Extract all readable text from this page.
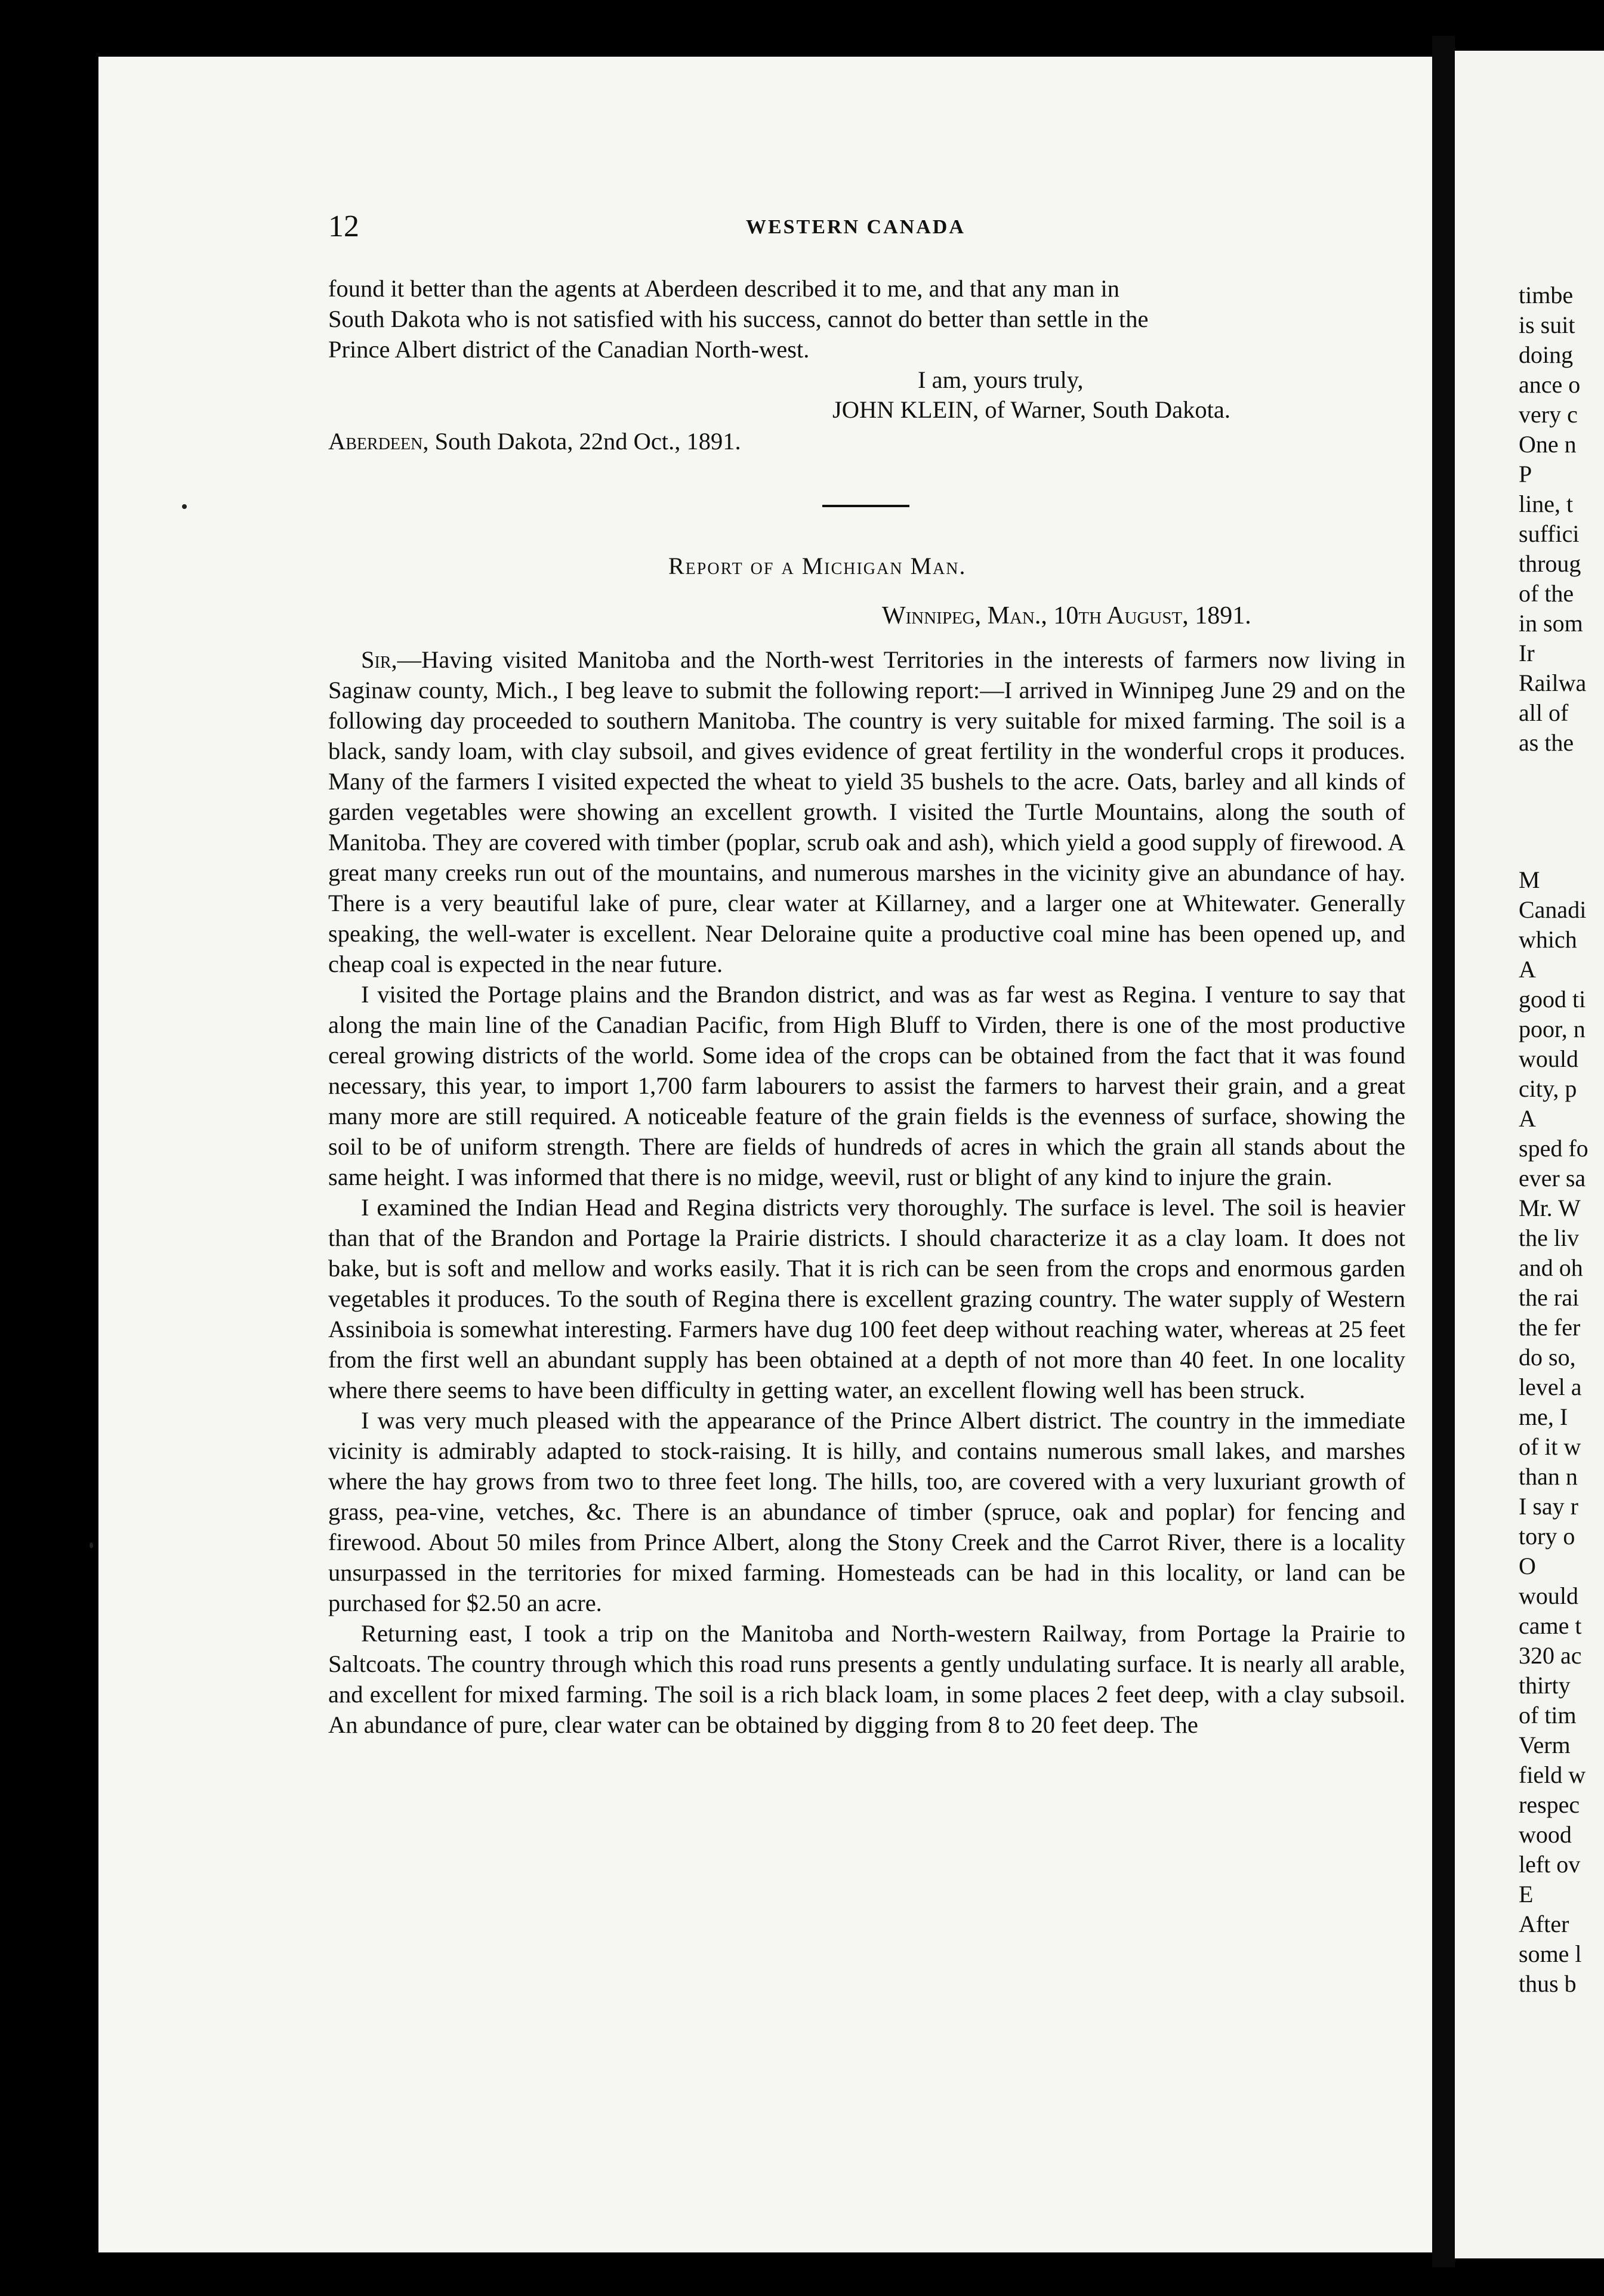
12	WESTERN CANADA

found it better than the agents at Aberdeen described it to me, and that any man in

South Dakota who is not satisfied with his success, cannot do better than settle in the

Prince Albert district of the Canadian North-west.

I am, yours truly,
JOHN KLEIN, of Warner, South Dakota.
Aberdeen, South Dakota, 22nd Oct., 1891.
Report of a Michigan Man.
Winnipeg, Man., 10th August, 1891.

Sir,—Having visited Manitoba and the North-west Territories in the interests of farmers now living in Saginaw county, Mich., I beg leave to submit the following report:—I arrived in Winnipeg June 29 and on the following day proceeded to southern Manitoba. The country is very suitable for mixed farming. The soil is a black, sandy loam, with clay subsoil, and gives evidence of great fertility in the wonderful crops it produces. Many of the farmers I visited expected the wheat to yield 35 bushels to the acre. Oats, barley and all kinds of garden vegetables were showing an excellent growth. I visited the Turtle Mountains, along the south of Manitoba. They are covered with timber (poplar, scrub oak and ash), which yield a good supply of firewood. A great many creeks run out of the mountains, and numerous marshes in the vicinity give an abundance of hay. There is a very beautiful lake of pure, clear water at Killarney, and a larger one at Whitewater. Generally speaking, the well-water is excellent. Near Deloraine quite a productive coal mine has been opened up, and cheap coal is expected in the near future.

I visited the Portage plains and the Brandon district, and was as far west as Regina. I venture to say that along the main line of the Canadian Pacific, from High Bluff to Virden, there is one of the most productive cereal growing districts of the world. Some idea of the crops can be obtained from the fact that it was found necessary, this year, to import 1,700 farm labourers to assist the farmers to harvest their grain, and a great many more are still required. A noticeable feature of the grain fields is the evenness of surface, showing the soil to be of uniform strength. There are fields of hundreds of acres in which the grain all stands about the same height. I was informed that there is no midge, weevil, rust or blight of any kind to injure the grain.

I examined the Indian Head and Regina districts very thoroughly. The surface is level. The soil is heavier than that of the Brandon and Portage la Prairie districts. I should characterize it as a clay loam. It does not bake, but is soft and mellow and works easily. That it is rich can be seen from the crops and enormous garden vegetables it produces. To the south of Regina there is excellent grazing country. The water supply of Western Assiniboia is somewhat interesting. Farmers have dug 100 feet deep without reaching water, whereas at 25 feet from the first well an abundant supply has been obtained at a depth of not more than 40 feet. In one locality where there seems to have been difficulty in getting water, an excellent flowing well has been struck.

I was very much pleased with the appearance of the Prince Albert district. The country in the immediate vicinity is admirably adapted to stock-raising. It is hilly, and contains numerous small lakes, and marshes where the hay grows from two to three feet long. The hills, too, are covered with a very luxuriant growth of grass, pea-vine, vetches, &c. There is an abundance of timber (spruce, oak and poplar) for fencing and firewood. About 50 miles from Prince Albert, along the Stony Creek and the Carrot River, there is a locality unsurpassed in the territories for mixed farming. Homesteads can be had in this locality, or land can be purchased for $2.50 an acre.

Returning east, I took a trip on the Manitoba and North-western Railway, from Portage la Prairie to Saltcoats. The country through which this road runs presents a gently undulating surface. It is nearly all arable, and excellent for mixed farming. The soil is a rich black loam, in some places 2 feet deep, with a clay subsoil. An abundance of pure, clear water can be obtained by digging from 8 to 20 feet deep. The

timbe
is suit
doing
ance o
very c
One n
P
line, t
suffici
throug
of the
in som
Ir
Railwa
all of
as the
M
Canadi
which
A
good ti
poor, n
would
city, p
A
sped fo
ever sa
Mr. W
the liv
and oh
the rai
the fer
do so,
level a
me, I
of it w
than n
I say r
tory o
O
would
came t
320 ac
thirty
of tim
Verm
field w
respec
wood
left ov
E
After
some l
thus b
